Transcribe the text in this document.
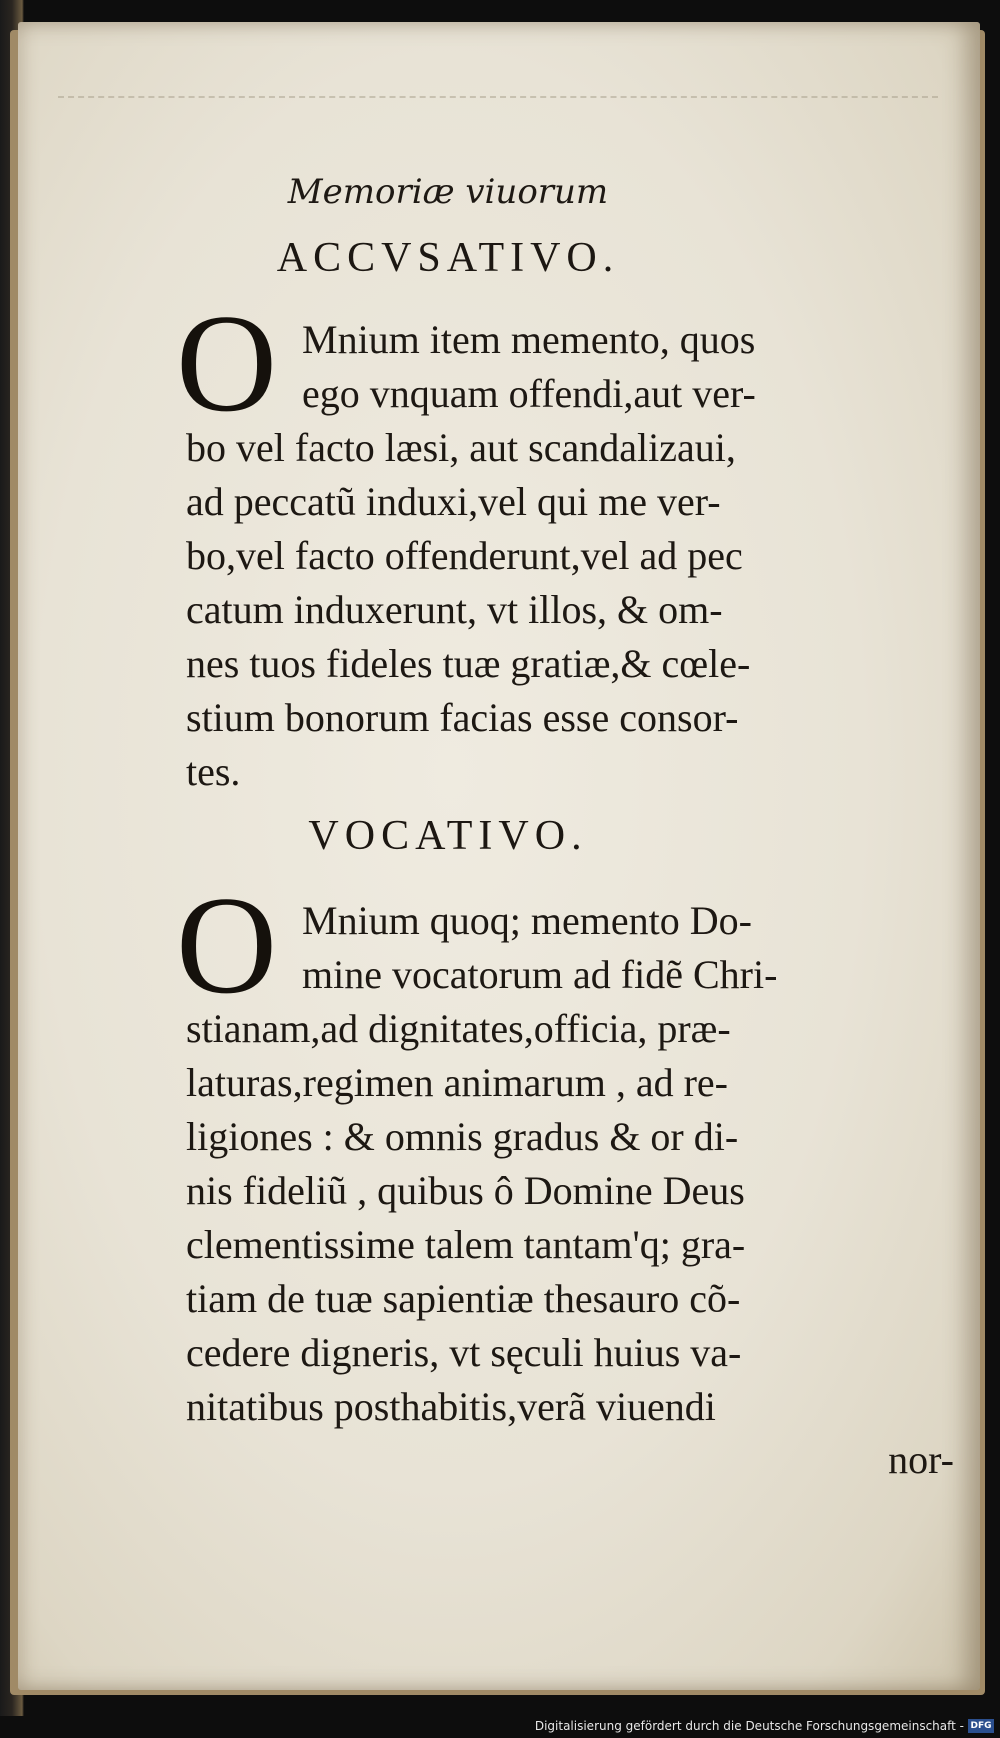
Memoriæ viuorum
ACCVSATIVO.
O Mnium item memento, quos
ego vnquam offendi,aut ver-
bo vel facto læsi, aut scandalizaui,
ad peccatũ induxi,vel qui me ver-
bo,vel facto offenderunt,vel ad pec
catum induxerunt, vt illos, & om-
nes tuos fideles tuæ gratiæ,& cœle-
stium bonorum facias esse consor-
tes.
VOCATIVO.
O Mnium quoq; memento Do-
mine vocatorum ad fidẽ Chri-
stianam,ad dignitates,officia, præ-
laturas,regimen animarum , ad re-
ligiones : & omnis gradus & or di-
nis fideliũ , quibus ô Domine Deus
clementissime talem tantam'q; gra-
tiam de tuæ sapientiæ thesauro cõ-
cedere digneris, vt sęculi huius va-
nitatibus posthabitis,verã viuendi
nor-
Digitalisierung gefördert durch die Deutsche Forschungsgemeinschaft - DFG
